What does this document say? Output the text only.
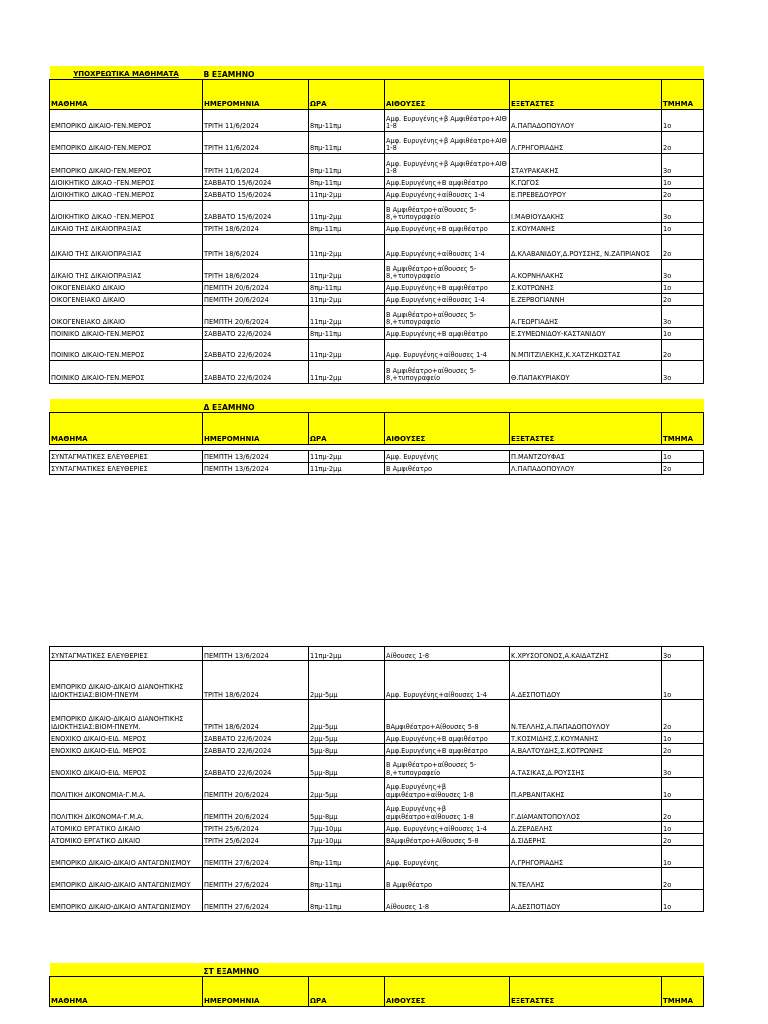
ΥΠΟΧΡΕΩΤΙΚΑ ΜΑΘΗΜΑΤΑ	Β ΕΞΑΜΗΝΟ				
ΜΑΘΗΜΑ	ΗΜΕΡΟΜΗΝΙΑ	ΩΡΑ	ΑΙΘΟΥΣΕΣ	ΕΞΕΤΑΣΤΕΣ	ΤΜΗΜΑ
ΕΜΠΟΡΙΚΟ ΔΙΚΑΙΟ-ΓΕΝ.ΜΕΡΟΣ	ΤΡΙΤΗ 11/6/2024	8πμ-11πμ	Αμφ. Ευρυγένης+β Αμφιθέατρο+ΑΙΘ 1-8	Α.ΠΑΠΑΔΟΠΟΥΛΟΥ	1ο
ΕΜΠΟΡΙΚΟ ΔΙΚΑΙΟ-ΓΕΝ.ΜΕΡΟΣ	ΤΡΙΤΗ 11/6/2024	8πμ-11πμ	Αμφ. Ευρυγένης+β Αμφιθέατρο+ΑΙΘ 1-8	Λ.ΓΡΗΓΟΡΙΑΔΗΣ	2ο
ΕΜΠΟΡΙΚΟ ΔΙΚΑΙΟ-ΓΕΝ.ΜΕΡΟΣ	ΤΡΙΤΗ 11/6/2024	8πμ-11πμ	Αμφ. Ευρυγένης+β Αμφιθέατρο+ΑΙΘ 1-8	ΣΤΑΥΡΑΚΑΚΗΣ	3ο
ΔΙΟΙΚΗΤΙΚΟ ΔΙΚΑΟ -ΓΕΝ.ΜΕΡΟΣ	ΣΑΒΒΑΤΟ 15/6/2024	8πμ-11πμ	Αμφ.Ευρυγένης+Β αμφιθέατρο	Κ.ΓΩΓΟΣ	1ο
ΔΙΟΙΚΗΤΙΚΟ ΔΙΚΑΟ -ΓΕΝ.ΜΕΡΟΣ	ΣΑΒΒΑΤΟ 15/6/2024	11πμ-2μμ	Αμφ.Ευρυγένης+αίθουσες 1-4	Ε.ΠΡΕΒΕΔΟΥΡΟΥ	2ο
ΔΙΟΙΚΗΤΙΚΟ ΔΙΚΑΟ -ΓΕΝ.ΜΕΡΟΣ	ΣΑΒΒΑΤΟ 15/6/2024	11πμ-2μμ	Β Αμφιθέατρο+αίθουσες 5-8,+τυπογραφείο	Ι.ΜΑΘΙΟΥΔΑΚΗΣ	3ο
ΔΙΚΑΙΟ ΤΗΣ ΔΙΚΑΙΟΠΡΑΞΙΑΣ	ΤΡΙΤΗ 18/6/2024	8πμ-11πμ	Αμφ.Ευρυγένης+Β αμφιθέατρο	Σ.ΚΟΥΜΑΝΗΣ	1ο
ΔΙΚΑΙΟ ΤΗΣ ΔΙΚΑΙΟΠΡΑΞΙΑΣ	ΤΡΙΤΗ 18/6/2024	11πμ-2μμ	Αμφ.Ευρυγένης+αίθουσες 1-4	Δ.ΚΛΑΒΑΝΙΔΟΥ,Δ.ΡΟΥΣΣΗΣ, Ν.ΖΑΠΡΙΑΝΟΣ	2ο
ΔΙΚΑΙΟ ΤΗΣ ΔΙΚΑΙΟΠΡΑΞΙΑΣ	ΤΡΙΤΗ 18/6/2024	11πμ-2μμ	Β Αμφιθέατρο+αίθουσες 5-8,+τυπογραφείο	Α.ΚΟΡΝΗΛΑΚΗΣ	3ο
ΟΙΚΟΓΕΝΕΙΑΚΟ ΔΙΚΑΙΟ	ΠΕΜΠΤΗ 20/6/2024	8πμ-11πμ	Αμφ.Ευρυγένης+Β αμφιθέατρο	Σ.ΚΟΤΡΩΝΗΣ	1ο
ΟΙΚΟΓΕΝΕΙΑΚΟ ΔΙΚΑΙΟ	ΠΕΜΠΤΗ 20/6/2024	11πμ-2μμ	Αμφ.Ευρυγένης+αίθουσες 1-4	Ε.ΖΕΡΒΟΓΙΑΝΝΗ	2ο
ΟΙΚΟΓΕΝΕΙΑΚΟ ΔΙΚΑΙΟ	ΠΕΜΠΤΗ 20/6/2024	11πμ-2μμ	Β Αμφιθέατρο+αίθουσες 5-8,+τυπογραφείο	Α.ΓΕΩΡΓΙΑΔΗΣ	3ο
ΠΟΙΝΙΚΟ ΔΙΚΑΙΟ-ΓΕΝ.ΜΕΡΟΣ	ΣΑΒΒΑΤΟ 22/6/2024	8πμ-11πμ	Αμφ.Ευρυγένης+Β αμφιθέατρο	Ε.ΣΥΜΕΩΝΙΔΟΥ-ΚΑΣΤΑΝΙΔΟΥ	1ο
ΠΟΙΝΙΚΟ ΔΙΚΑΙΟ-ΓΕΝ.ΜΕΡΟΣ	ΣΑΒΒΑΤΟ 22/6/2024	11πμ-2μμ	Αμφ. Ευρυγένης+αίθουσες 1-4	Ν.ΜΠΙΤΖΙΛΕΚΗΣ,Κ.ΧΑΤΖΗΚΩΣΤΑΣ	2ο
ΠΟΙΝΙΚΟ ΔΙΚΑΙΟ-ΓΕΝ.ΜΕΡΟΣ	ΣΑΒΒΑΤΟ 22/6/2024	11πμ-2μμ	Β Αμφιθέατρο+αίθουσες 5-8,+τυπογραφείο	Θ.ΠΑΠΑΚΥΡΙΑΚΟΥ	3ο

	Δ ΕΞΑΜΗΝΟ				
ΜΑΘΗΜΑ	ΗΜΕΡΟΜΗΝΙΑ	ΩΡΑ	ΑΙΘΟΥΣΕΣ	ΕΞΕΤΑΣΤΕΣ	ΤΜΗΜΑ

ΣΥΝΤΑΓΜΑΤΙΚΕΣ ΕΛΕΥΘΕΡΙΕΣ	ΠΕΜΠΤΗ 13/6/2024	11πμ-2μμ	Αμφ. Ευρυγένης	Π.ΜΑΝΤΖΟΥΦΑΣ	1ο
ΣΥΝΤΑΓΜΑΤΙΚΕΣ ΕΛΕΥΘΕΡΙΕΣ	ΠΕΜΠΤΗ 13/6/2024	11πμ-2μμ	Β Αμφιθέατρο	Λ.ΠΑΠΑΔΟΠΟΥΛΟΥ	2ο
ΣΥΝΤΑΓΜΑΤΙΚΕΣ ΕΛΕΥΘΕΡΙΕΣ	ΠΕΜΠΤΗ 13/6/2024	11πμ-2μμ	Αίθουσες 1-8	Κ.ΧΡΥΣΟΓΟΝΟΣ,Α.ΚΑΙΔΑΤΖΗΣ	3ο
ΕΜΠΟΡΙΚΟ ΔΙΚΑΙΟ-ΔΙΚΑΙΟ ΔΙΑΝΟΗΤΙΚΗΣ ΙΔΙΟΚΤΗΣΙΑΣ:ΒΙΟΜ-ΠΝΕΥΜ	ΤΡΙΤΗ 18/6/2024	2μμ-5μμ	Αμφ. Ευρυγένης+αίθουσες 1-4	Α.ΔΕΣΠΟΤΙΔΟΥ	1ο
ΕΜΠΟΡΙΚΟ ΔΙΚΑΙΟ-ΔΙΚΑΙΟ ΔΙΑΝΟΗΤΙΚΗΣ ΙΔΙΟΚΤΗΣΙΑΣ:ΒΙΟΜ-ΠΝΕΥΜ.	ΤΡΙΤΗ 18/6/2024	2μμ-5μμ	ΒΑμφιθέατρο+Αίθουσες 5-8	Ν.ΤΕΛΛΗΣ,Α.ΠΑΠΑΔΟΠΟΥΛΟΥ	2ο
ΕΝΟΧΙΚΟ ΔΙΚΑΙΟ-ΕΙΔ. ΜΕΡΟΣ	ΣΑΒΒΑΤΟ 22/6/2024	2μμ-5μμ	Αμφ.Ευρυγένης+Β αμφιθέατρο	Τ.ΚΟΣΜΙΔΗΣ,Σ.ΚΟΥΜΑΝΗΣ	1ο
ΕΝΟΧΙΚΟ ΔΙΚΑΙΟ-ΕΙΔ. ΜΕΡΟΣ	ΣΑΒΒΑΤΟ 22/6/2024	5μμ-8μμ	Αμφ.Ευρυγένης+Β αμφιθέατρο	Α.ΒΑΛΤΟΥΔΗΣ,Σ.ΚΟΤΡΩΝΗΣ	2ο
ΕΝΟΧΙΚΟ ΔΙΚΑΙΟ-ΕΙΔ. ΜΕΡΟΣ	ΣΑΒΒΑΤΟ 22/6/2024	5μμ-8μμ	Β Αμφιθέατρο+αίθουσες 5-8,+τυπογραφείο	Α.ΤΑΣΙΚΑΣ,Δ.ΡΟΥΣΣΗΣ	3ο
ΠΟΛΙΤΙΚΗ ΔΙΚΟΝΟΜΙΑ-Γ.Μ.Α.	ΠΕΜΠΤΗ 20/6/2024	2μμ-5μμ	Αμφ.Ευρυγένης+β αμφιθέατρο+αίθουσες 1-8	Π.ΑΡΒΑΝΙΤΑΚΗΣ	1ο
ΠΟΛΙΤΙΚΗ ΔΙΚΟΝΟΜΑ-Γ.Μ.Α.	ΠΕΜΠΤΗ 20/6/2024	5μμ-8μμ	Αμφ.Ευρυγένης+β αμφιθέατρο+αίθουσες 1-8	Γ.ΔΙΑΜΑΝΤΟΠΟΥΛΟΣ	2ο
ΑΤΟΜΙΚΟ ΕΡΓΑΤΙΚΟ ΔΙΚΑΙΟ	ΤΡΙΤΗ 25/6/2024	7μμ-10μμ	Αμφ. Ευρυγένης+αίθουσες 1-4	Δ.ΖΕΡΔΕΛΗΣ	1ο
ΑΤΟΜΙΚΟ ΕΡΓΑΤΙΚΟ ΔΙΚΑΙΟ	ΤΡΙΤΗ 25/6/2024	7μμ-10μμ	ΒΑμφιθέατρο+Αίθουσες 5-8	Δ.ΣΙΔΕΡΗΣ	2ο
ΕΜΠΟΡΙΚΟ ΔΙΚΑΙΟ-ΔΙΚΑΙΟ ΑΝΤΑΓΩΝΙΣΜΟΥ	ΠΕΜΠΤΗ 27/6/2024	8πμ-11πμ	Αμφ. Ευρυγένης	Λ.ΓΡΗΓΟΡΙΑΔΗΣ	1ο
ΕΜΠΟΡΙΚΟ ΔΙΚΑΙΟ-ΔΙΚΑΙΟ ΑΝΤΑΓΩΝΙΣΜΟΥ	ΠΕΜΠΤΗ 27/6/2024	8πμ-11πμ	Β Αμφιθέατρο	Ν.ΤΕΛΛΗΣ	2ο
ΕΜΠΟΡΙΚΟ ΔΙΚΑΙΟ-ΔΙΚΑΙΟ ΑΝΤΑΓΩΝΙΣΜΟΥ	ΠΕΜΠΤΗ 27/6/2024	8πμ-11πμ	Αίθουσες 1-8	Α.ΔΕΣΠΟΤΙΔΟΥ	1ο
	ΣΤ ΕΞΑΜΗΝΟ				
ΜΑΘΗΜΑ	ΗΜΕΡΟΜΗΝΙΑ	ΩΡΑ	ΑΙΘΟΥΣΕΣ	ΕΞΕΤΑΣΤΕΣ	ΤΜΗΜΑ
